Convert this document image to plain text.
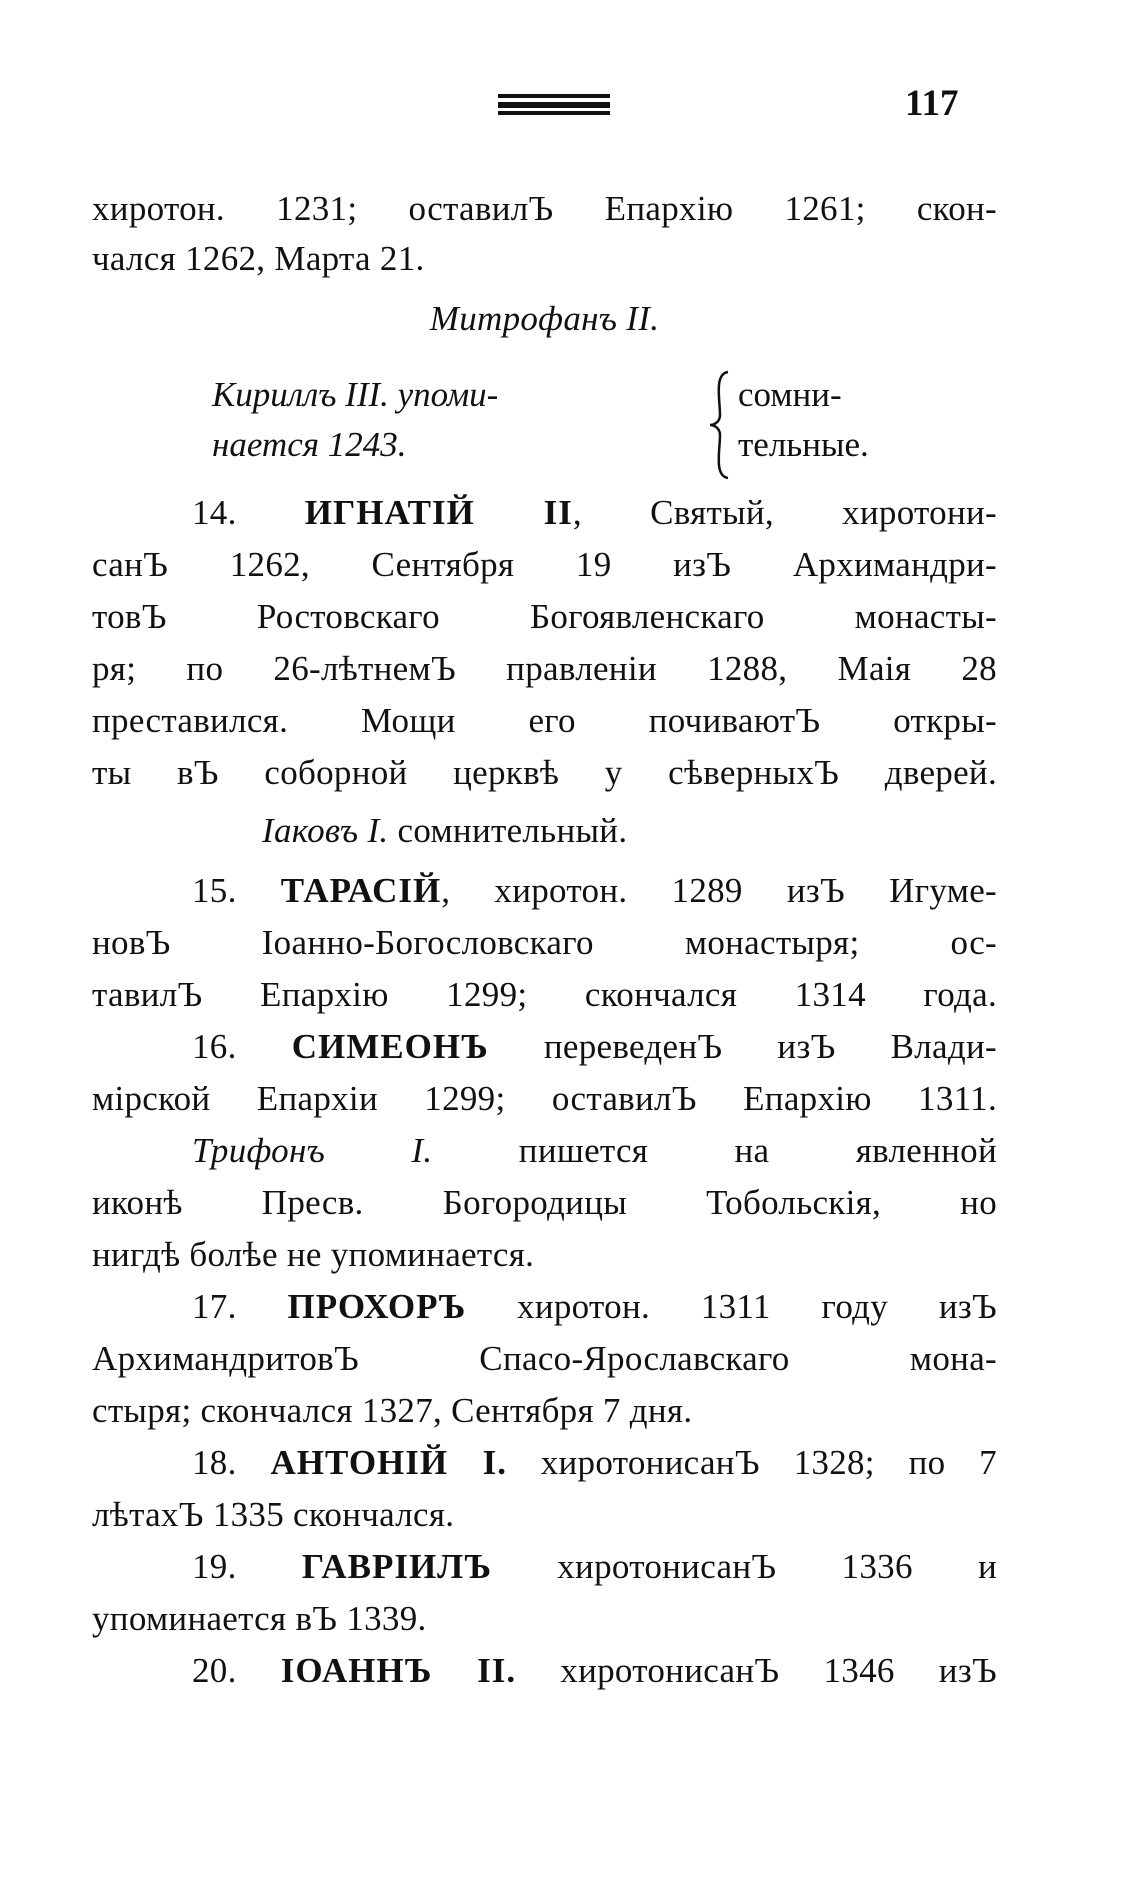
117
хиротон. 1231; оставилЪ Епархію 1261; скон-
чался 1262, Марта 21.
Митрофанъ II.
Кириллъ III. упоми-
нается 1243.
сомни-
тельные.
14. ИГНАТІЙ II, Святый, хиротони-
санЪ 1262, Сентября 19 изЪ Архимандри-
товЪ Ростовскаго Богоявленскаго монасты-
ря; по 26-лѣтнемЪ правленіи 1288, Маія 28
преставился. Мощи его почиваютЪ откры-
ты вЪ соборной церквѣ у сѣверныхЪ дверей.
Іаковъ I. сомнительный.
15. ТАРАСІЙ, хиротон. 1289 изЪ Игуме-
новЪ Іоанно-Богословскаго монастыря; ос-
тавилЪ Епархію 1299; скончался 1314 года.
16. СИМЕОНЪ переведенЪ изЪ Влади-
мірской Епархіи 1299; оставилЪ Епархію 1311.
Трифонъ I. пишется на явленной
иконѣ Пресв. Богородицы Тобольскія, но
нигдѣ болѣе не упоминается.
17. ПРОХОРЪ хиротон. 1311 году изЪ
АрхимандритовЪ Спасо-Ярославскаго мона-
стыря; скончался 1327, Сентября 7 дня.
18. АНТОНІЙ I. хиротонисанЪ 1328; по 7
лѣтахЪ 1335 скончался.
19. ГАВРІИЛЪ хиротонисанЪ 1336 и
упоминается вЪ 1339.
20. ІОАННЪ II. хиротонисанЪ 1346 изЪ
